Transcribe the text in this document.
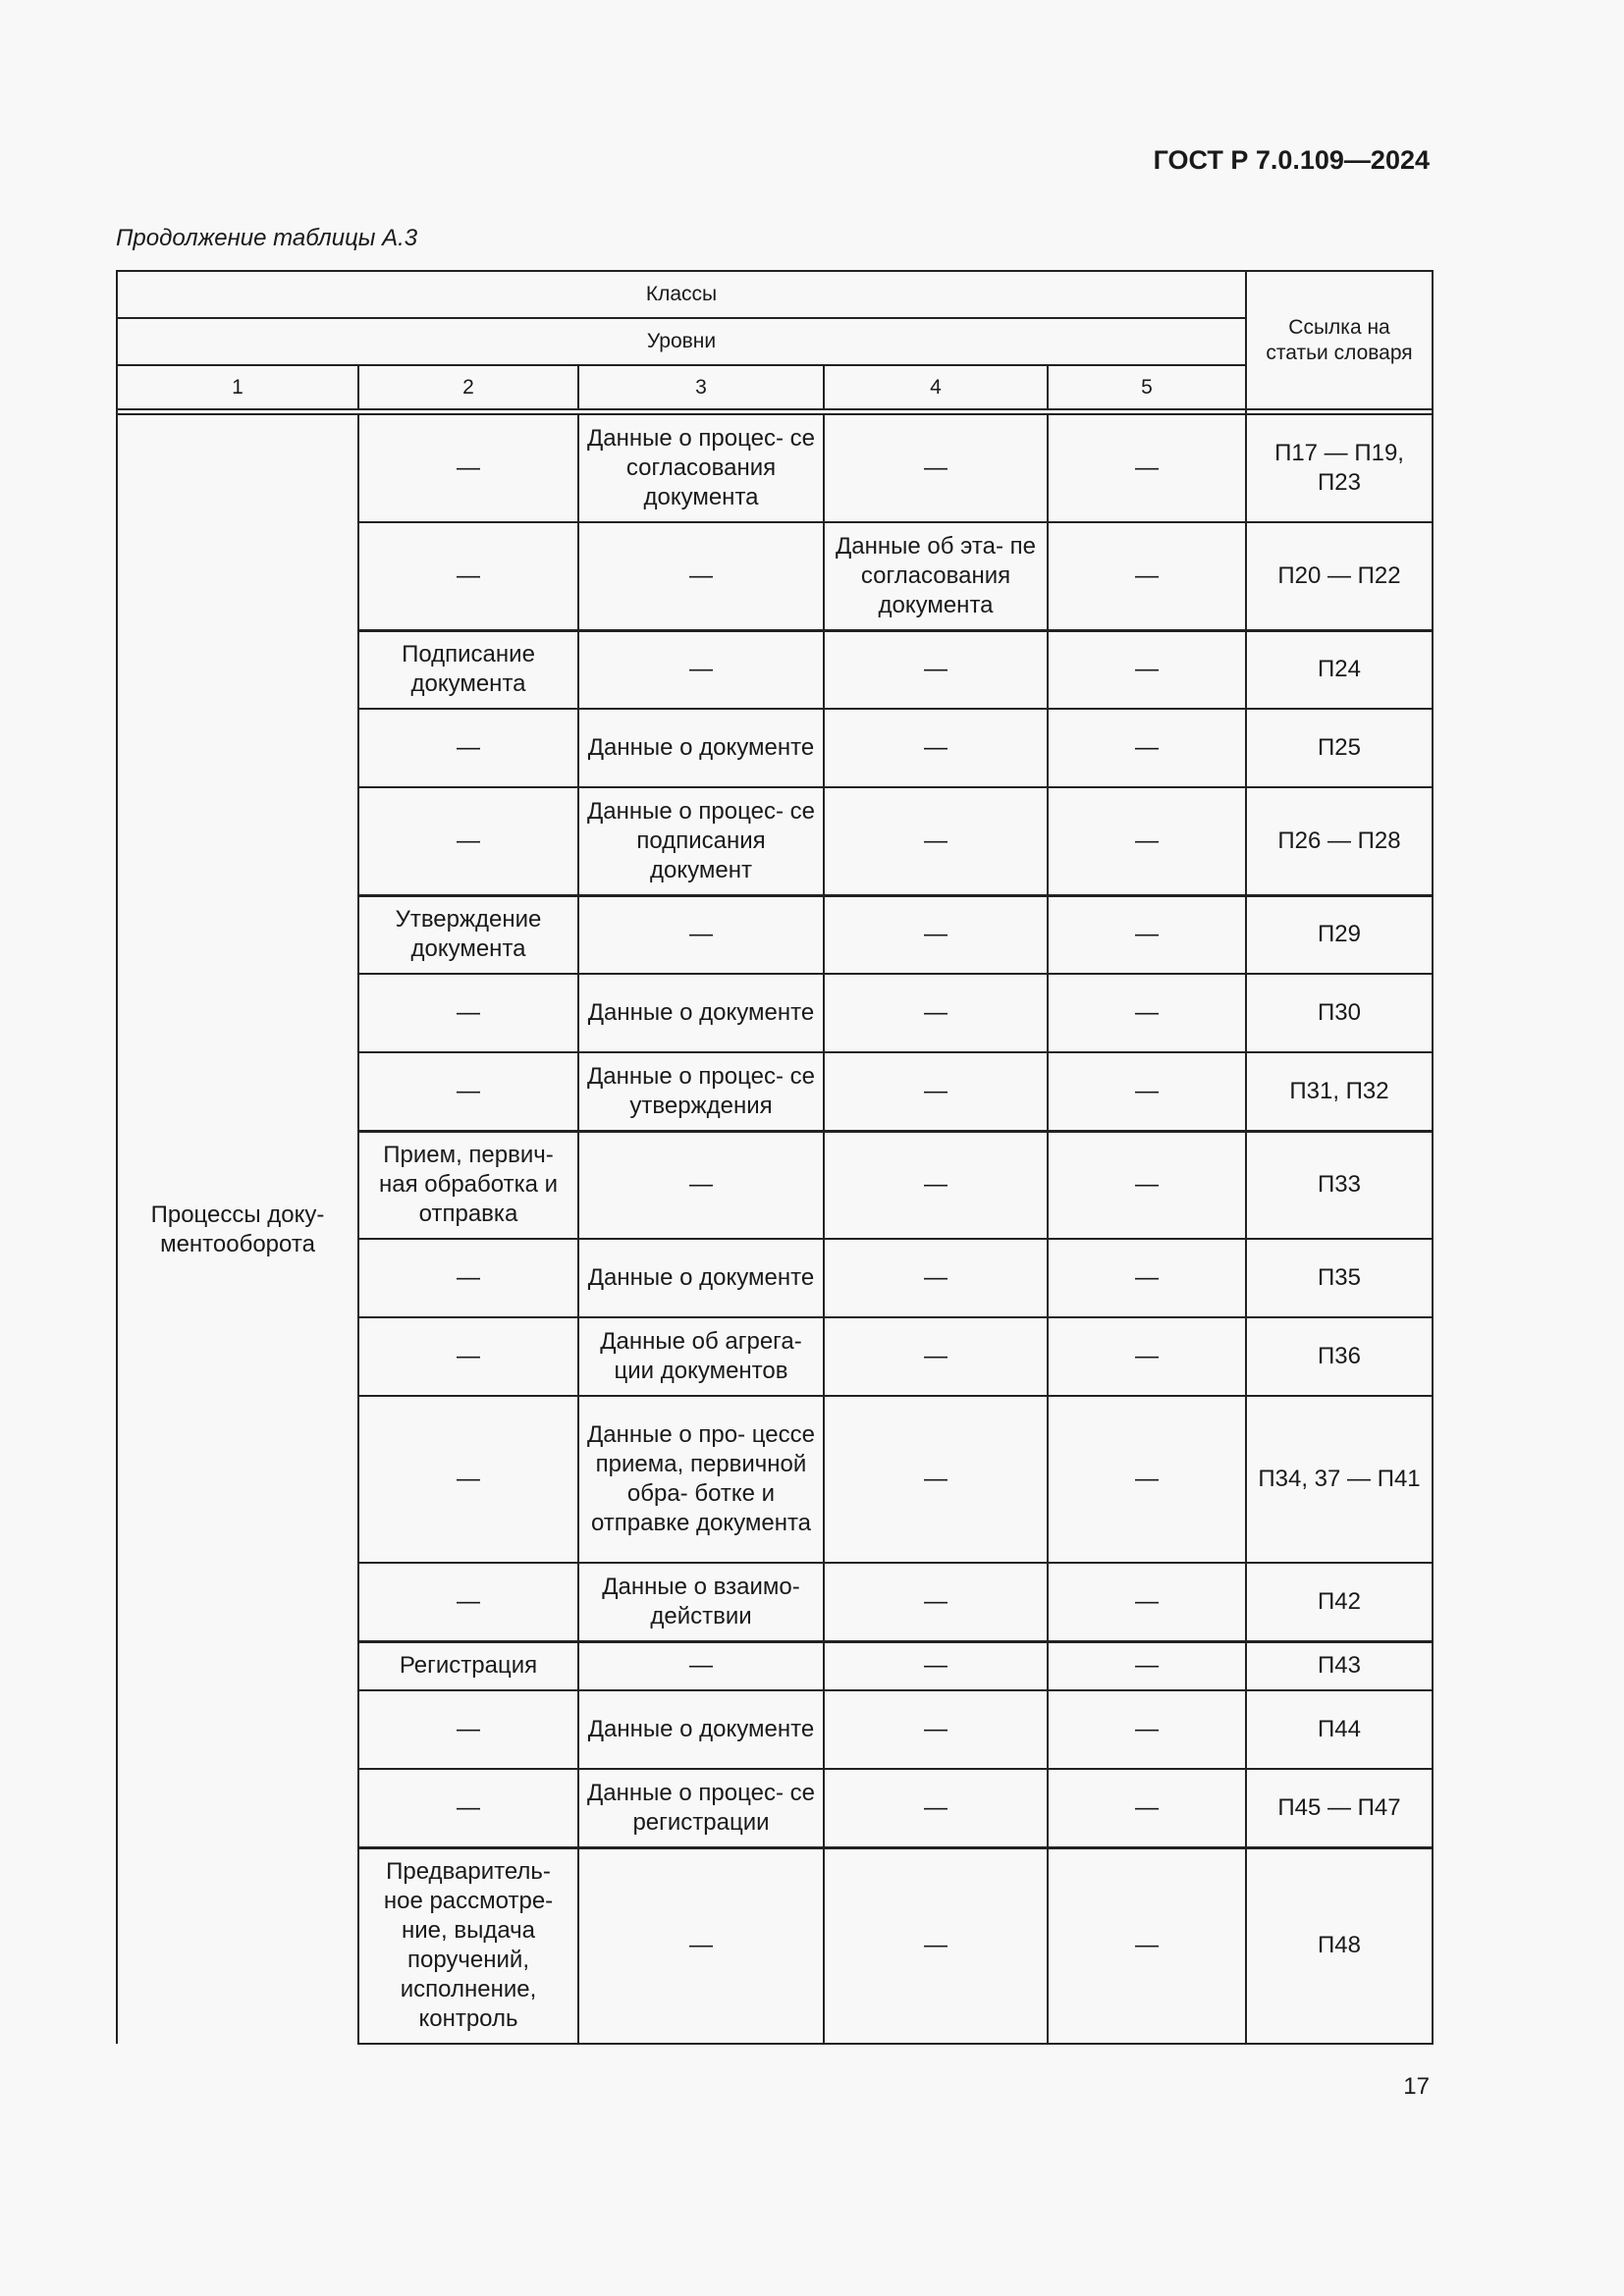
ГОСТ Р 7.0.109—2024
Продолжение таблицы А.3
Классы					Ссылка на
статьи словаря
Уровни					
1	2	3	4	5	

Процессы доку-
ментооборота	—	Данные о процес- се согласования документа	—	—	П17 — П19, П23
	—	—	Данные об эта- пе согласования документа	—	П20 — П22
	Подписание документа	—	—	—	П24
	—	Данные о документе	—	—	П25
	—	Данные о процес- се подписания документ	—	—	П26 — П28
	Утверждение документа	—	—	—	П29
	—	Данные о документе	—	—	П30
	—	Данные о процес- се утверждения	—	—	П31, П32
	Прием, первич- ная обработка и отправка	—	—	—	П33
	—	Данные о документе	—	—	П35
	—	Данные об агрега- ции документов	—	—	П36
	—	Данные о про- цессе приема, первичной обра- ботке и отправке документа	—	—	П34, 37 — П41
	—	Данные о взаимо- действии	—	—	П42
	Регистрация	—	—	—	П43
	—	Данные о документе	—	—	П44
	—	Данные о процес- се регистрации	—	—	П45 — П47
	Предваритель- ное рассмотре- ние, выдача поручений, исполнение, контроль	—	—	—	П48
17
